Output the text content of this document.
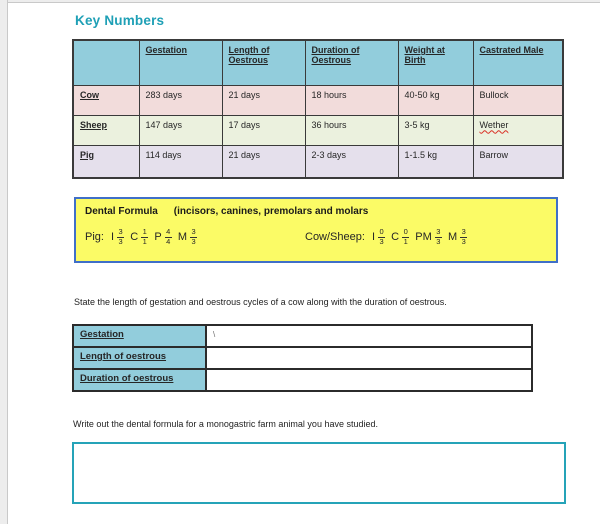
Key Numbers
	Gestation	Length of Oestrous	Duration of Oestrous	Weight at Birth	Castrated Male
Cow	283 days	21 days	18 hours	40-50 kg	Bullock
Sheep	147 days	17 days	36 hours	3-5 kg	Wether
Pig	114 days	21 days	2-3 days	1-1.5 kg	Barrow
Dental Formula (incisors, canines, premolars and molars
Pig: I $\frac{3}{3}$ C $\frac{1}{1}$ P $\frac{4}{4}$ M $\frac{3}{3}$	Cow/Sheep: I $\frac{0}{3}$ C $\frac{0}{1}$ PM $\frac{3}{3}$ M $\frac{3}{3}$

State the length of gestation and oestrous cycles of a cow along with the duration of oestrous.

Gestation	\
Length of oestrous	
Duration of oestrous	

Write out the dental formula for a monogastric farm animal you have studied.
